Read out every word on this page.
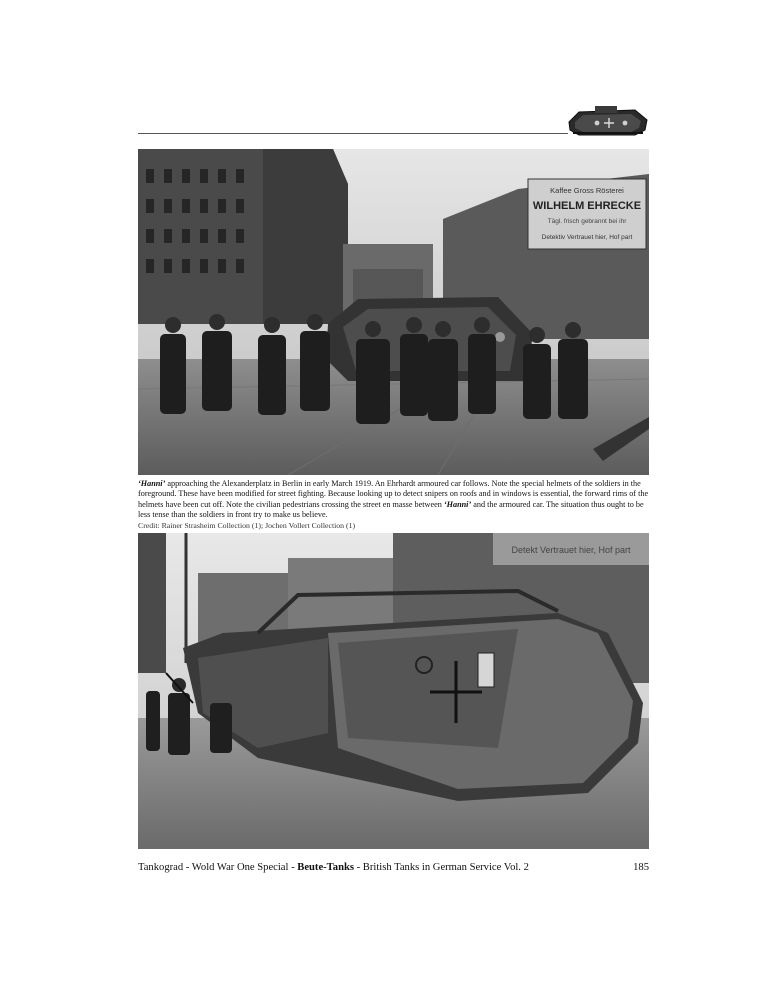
Kaffee Gross Rösterei
WILHELM EHRECKE
Tägl. frisch gebrannt bei ihr
Detektiv Vertrauet hier, Hof part
‘Hanni’ approaching the Alexanderplatz in Berlin in early March 1919. An Ehrhardt armoured car follows. Note the special helmets of the soldiers in the foreground. These have been modified for street fighting. Because looking up to detect snipers on roofs and in windows is essential, the forward rims of the helmets have been cut off. Note the civilian pedestrians crossing the street en masse between ‘Hanni’ and the armoured car. The situation thus ought to be less tense than the soldiers in front try to make us believe.
Credit: Rainer Strasheim Collection (1); Jochen Vollert Collection (1)
Detekt Vertrauet hier, Hof part
Tankograd - Wold War One Special - Beute-Tanks - British Tanks in German Service Vol. 2	185
